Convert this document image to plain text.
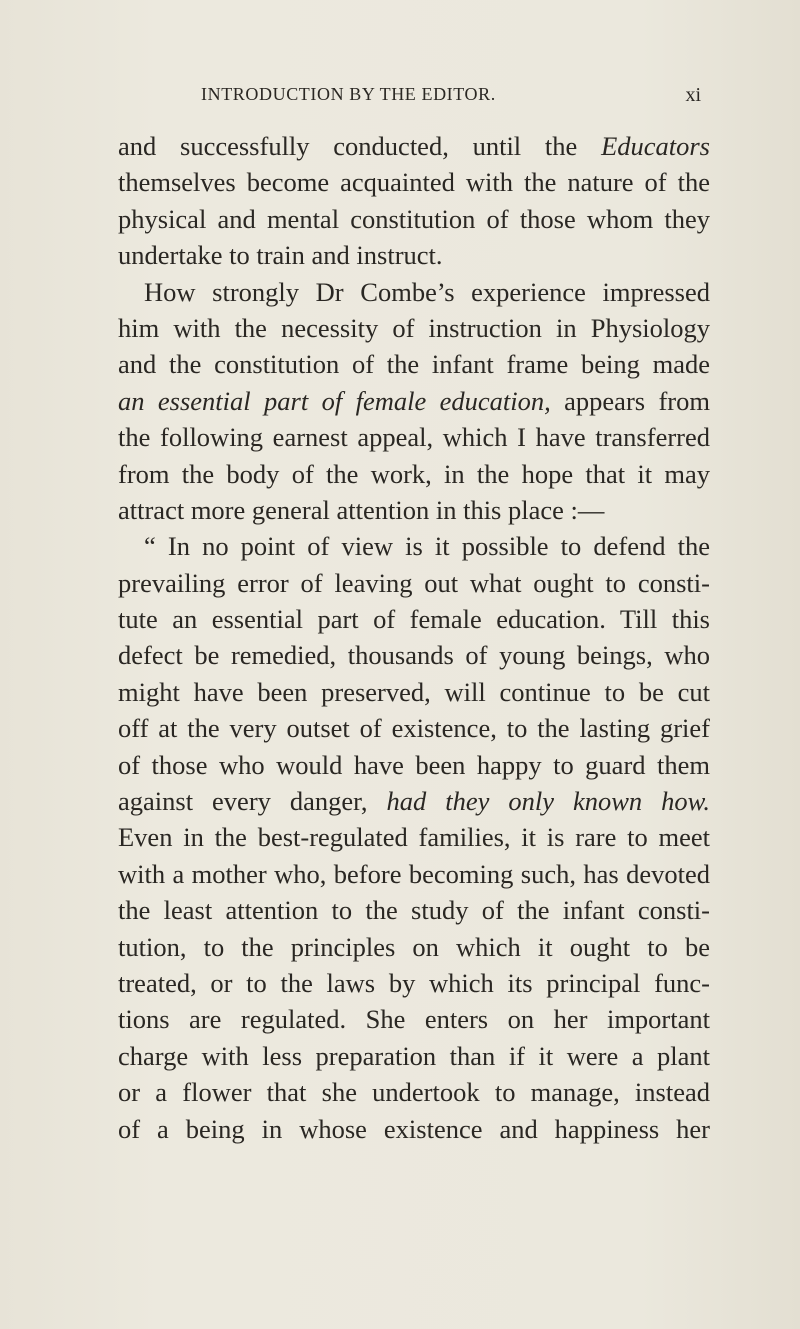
INTRODUCTION BY THE EDITOR.	xi
and successfully conducted, until the Educators
themselves become acquainted with the nature of the
physical and mental constitution of those whom they
undertake to train and instruct.
How strongly Dr Combe’s experience impressed
him with the necessity of instruction in Physiology
and the constitution of the infant frame being made
an essential part of female education, appears from
the following earnest appeal, which I have transferred
from the body of the work, in the hope that it may
attract more general attention in this place :—
“ In no point of view is it possible to defend the
prevailing error of leaving out what ought to consti-
tute an essential part of female education. Till this
defect be remedied, thousands of young beings, who
might have been preserved, will continue to be cut
off at the very outset of existence, to the lasting grief
of those who would have been happy to guard them
against every danger, had they only known how.
Even in the best-regulated families, it is rare to meet
with a mother who, before becoming such, has devoted
the least attention to the study of the infant consti-
tution, to the principles on which it ought to be
treated, or to the laws by which its principal func-
tions are regulated. She enters on her important
charge with less preparation than if it were a plant
or a flower that she undertook to manage, instead
of a being in whose existence and happiness her
